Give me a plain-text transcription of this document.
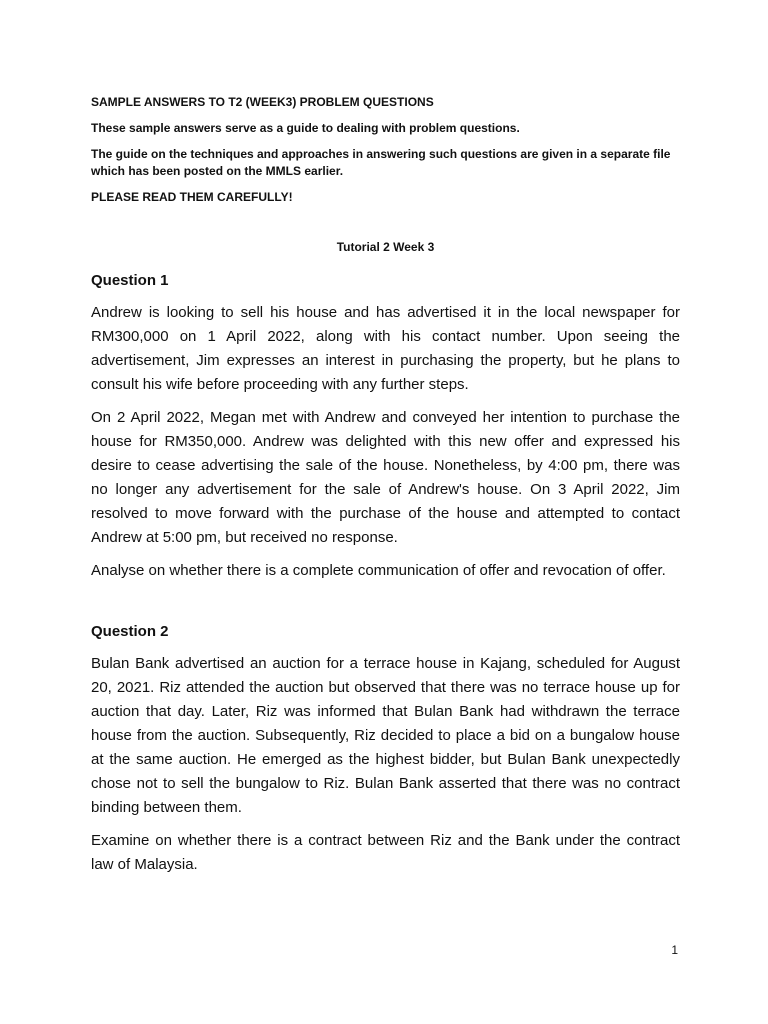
SAMPLE ANSWERS TO T2 (WEEK3) PROBLEM QUESTIONS
These sample answers serve as a guide to dealing with problem questions.
The guide on the techniques and approaches in answering such questions are given in a separate file which has been posted on the MMLS earlier.
PLEASE READ THEM CAREFULLY!
Tutorial 2 Week 3
Question 1

Andrew is looking to sell his house and has advertised it in the local newspaper for RM300,000 on 1 April 2022, along with his contact number. Upon seeing the advertisement, Jim expresses an interest in purchasing the property, but he plans to consult his wife before proceeding with any further steps.

On 2 April 2022, Megan met with Andrew and conveyed her intention to purchase the house for RM350,000. Andrew was delighted with this new offer and expressed his desire to cease advertising the sale of the house. Nonetheless, by 4:00 pm, there was no longer any advertisement for the sale of Andrew's house. On 3 April 2022, Jim resolved to move forward with the purchase of the house and attempted to contact Andrew at 5:00 pm, but received no response.

Analyse on whether there is a complete communication of offer and revocation of offer.

Question 2

Bulan Bank advertised an auction for a terrace house in Kajang, scheduled for August 20, 2021. Riz attended the auction but observed that there was no terrace house up for auction that day. Later, Riz was informed that Bulan Bank had withdrawn the terrace house from the auction. Subsequently, Riz decided to place a bid on a bungalow house at the same auction. He emerged as the highest bidder, but Bulan Bank unexpectedly chose not to sell the bungalow to Riz. Bulan Bank asserted that there was no contract binding between them.

Examine on whether there is a contract between Riz and the Bank under the contract law of Malaysia.

1
